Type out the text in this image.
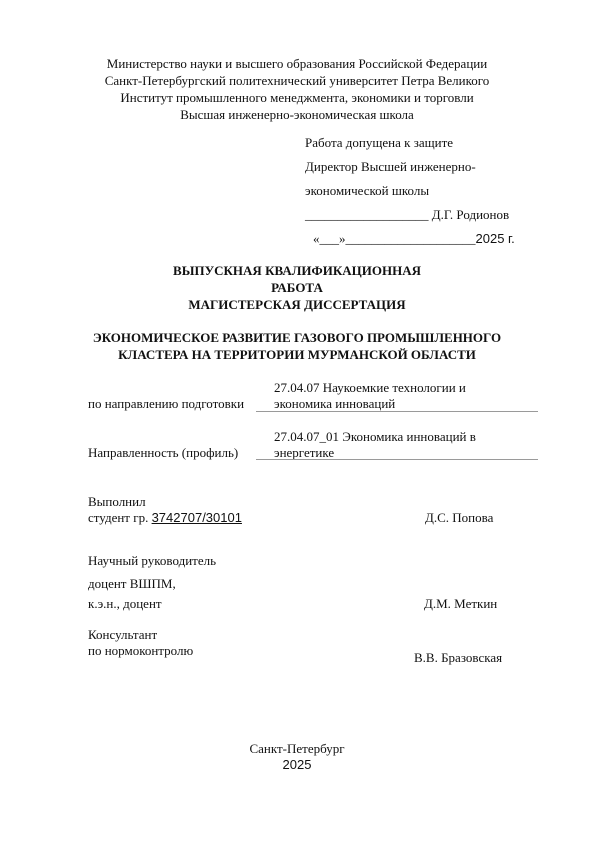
Министерство науки и высшего образования Российской Федерации
Санкт-Петербургский политехнический университет Петра Великого
Институт промышленного менеджмента, экономики и торговли
Высшая инженерно-экономическая школа
Работа допущена к защите
Директор Высшей инженерно-
экономической школы
___________________ Д.Г. Родионов
«___»____________________2025 г.
ВЫПУСКНАЯ КВАЛИФИКАЦИОННАЯ
РАБОТА
МАГИСТЕРСКАЯ ДИССЕРТАЦИЯ
ЭКОНОМИЧЕСКОЕ РАЗВИТИЕ ГАЗОВОГО ПРОМЫШЛЕННОГО
КЛАСТЕРА НА ТЕРРИТОРИИ МУРМАНСКОЙ ОБЛАСТИ
по направлению подготовки
27.04.07 Наукоемкие технологии и
экономика инноваций
Направленность (профиль)
27.04.07_01 Экономика инноваций в
энергетике
Выполнил
студент гр. 3742707/30101	Д.С. Попова
Научный руководитель
доцент ВШПМ,
к.э.н., доцент	Д.М. Меткин
Консультант
по нормоконтролю	В.В. Бразовская
Санкт-Петербург
2025
